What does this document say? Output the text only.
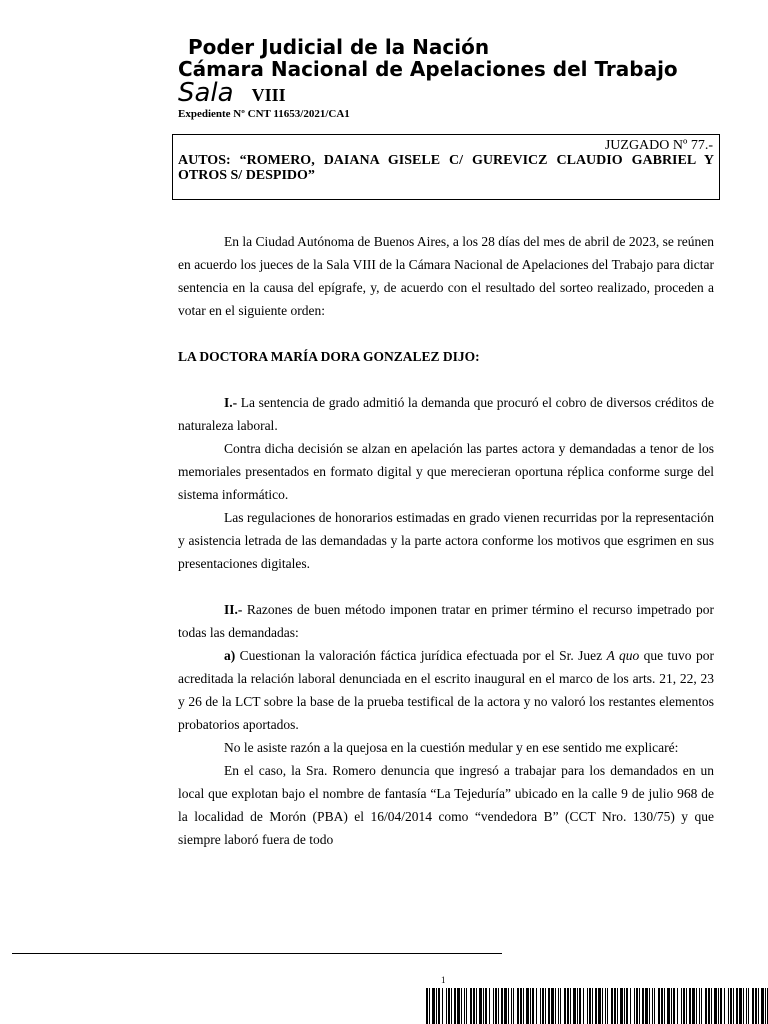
Poder Judicial de la Nación
Cámara Nacional de Apelaciones del Trabajo
Sala VIII
Expediente Nº CNT 11653/2021/CA1
JUZGADO Nº 77.-
AUTOS: “ROMERO, DAIANA GISELE C/ GUREVICZ CLAUDIO GABRIEL Y OTROS S/ DESPIDO”

En la Ciudad Autónoma de Buenos Aires, a los 28 días del mes de abril de 2023, se reúnen en acuerdo los jueces de la Sala VIII de la Cámara Nacional de Apelaciones del Trabajo para dictar sentencia en la causa del epígrafe, y, de acuerdo con el resultado del sorteo realizado, proceden a votar en el siguiente orden:

LA DOCTORA MARÍA DORA GONZALEZ DIJO:

I.- La sentencia de grado admitió la demanda que procuró el cobro de diversos créditos de naturaleza laboral.

Contra dicha decisión se alzan en apelación las partes actora y demandadas a tenor de los memoriales presentados en formato digital y que merecieran oportuna réplica conforme surge del sistema informático.

Las regulaciones de honorarios estimadas en grado vienen recurridas por la representación y asistencia letrada de las demandadas y la parte actora conforme los motivos que esgrimen en sus presentaciones digitales.

II.- Razones de buen método imponen tratar en primer término el recurso impetrado por todas las demandadas:

a) Cuestionan la valoración fáctica jurídica efectuada por el Sr. Juez A quo que tuvo por acreditada la relación laboral denunciada en el escrito inaugural en el marco de los arts. 21, 22, 23 y 26 de la LCT sobre la base de la prueba testifical de la actora y no valoró los restantes elementos probatorios aportados.

No le asiste razón a la quejosa en la cuestión medular y en ese sentido me explicaré:

En el caso, la Sra. Romero denuncia que ingresó a trabajar para los demandados en un local que explotan bajo el nombre de fantasía “La Tejeduría” ubicado en la calle 9 de julio 968 de la localidad de Morón (PBA) el 16/04/2014 como “vendedora B” (CCT Nro. 130/75) y que siempre laboró fuera de todo

1
